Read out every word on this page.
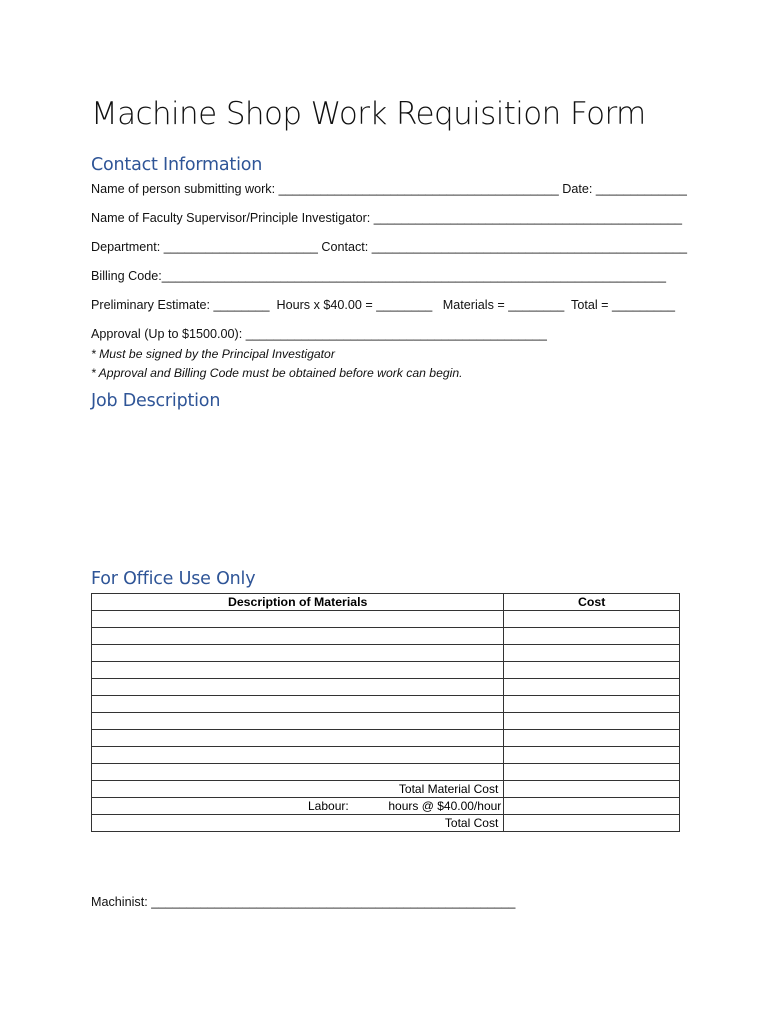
Machine Shop Work Requisition Form
Contact Information
Name of person submitting work: ________________________________________ Date: _____________
Name of Faculty Supervisor/Principle Investigator: ____________________________________________
Department: ______________________ Contact: _____________________________________________
Billing Code:________________________________________________________________________
Preliminary Estimate: ________  Hours x $40.00 = ________   Materials = ________  Total = _________
Approval (Up to $1500.00): ___________________________________________
* Must be signed by the Principal Investigator
* Approval and Billing Code must be obtained before work can begin.
Job Description
For Office Use Only
Description of Materials	Cost

Total Material Cost	

Labour: hours @ $40.00/hour	

Total Cost	
Machinist: ____________________________________________________
